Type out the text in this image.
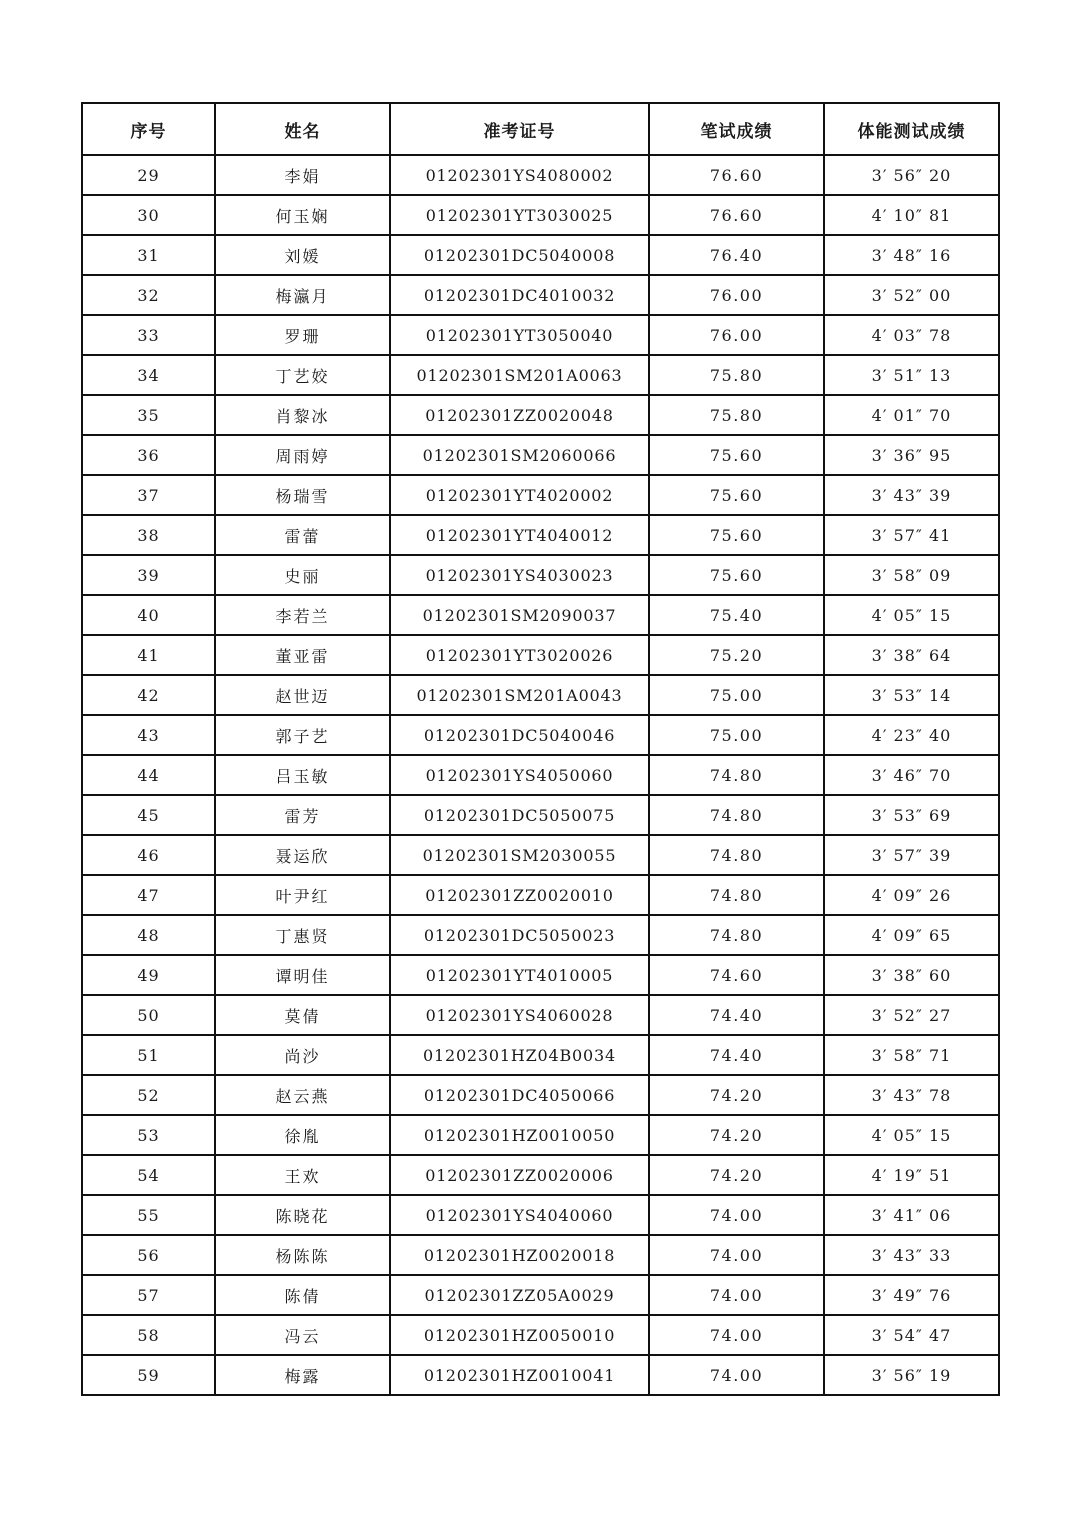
序号	姓名	准考证号	笔试成绩	体能测试成绩
29	李娟	01202301YS4080002	76.60	3′ 56″ 20
30	何玉娴	01202301YT3030025	76.60	4′ 10″ 81
31	刘媛	01202301DC5040008	76.40	3′ 48″ 16
32	梅瀛月	01202301DC4010032	76.00	3′ 52″ 00
33	罗珊	01202301YT3050040	76.00	4′ 03″ 78
34	丁艺姣	01202301SM201A0063	75.80	3′ 51″ 13
35	肖黎冰	01202301ZZ0020048	75.80	4′ 01″ 70
36	周雨婷	01202301SM2060066	75.60	3′ 36″ 95
37	杨瑞雪	01202301YT4020002	75.60	3′ 43″ 39
38	雷蕾	01202301YT4040012	75.60	3′ 57″ 41
39	史丽	01202301YS4030023	75.60	3′ 58″ 09
40	李若兰	01202301SM2090037	75.40	4′ 05″ 15
41	董亚雷	01202301YT3020026	75.20	3′ 38″ 64
42	赵世迈	01202301SM201A0043	75.00	3′ 53″ 14
43	郭子艺	01202301DC5040046	75.00	4′ 23″ 40
44	吕玉敏	01202301YS4050060	74.80	3′ 46″ 70
45	雷芳	01202301DC5050075	74.80	3′ 53″ 69
46	聂运欣	01202301SM2030055	74.80	3′ 57″ 39
47	叶尹红	01202301ZZ0020010	74.80	4′ 09″ 26
48	丁惠贤	01202301DC5050023	74.80	4′ 09″ 65
49	谭明佳	01202301YT4010005	74.60	3′ 38″ 60
50	莫倩	01202301YS4060028	74.40	3′ 52″ 27
51	尚沙	01202301HZ04B0034	74.40	3′ 58″ 71
52	赵云燕	01202301DC4050066	74.20	3′ 43″ 78
53	徐胤	01202301HZ0010050	74.20	4′ 05″ 15
54	王欢	01202301ZZ0020006	74.20	4′ 19″ 51
55	陈晓花	01202301YS4040060	74.00	3′ 41″ 06
56	杨陈陈	01202301HZ0020018	74.00	3′ 43″ 33
57	陈倩	01202301ZZ05A0029	74.00	3′ 49″ 76
58	冯云	01202301HZ0050010	74.00	3′ 54″ 47
59	梅露	01202301HZ0010041	74.00	3′ 56″ 19
